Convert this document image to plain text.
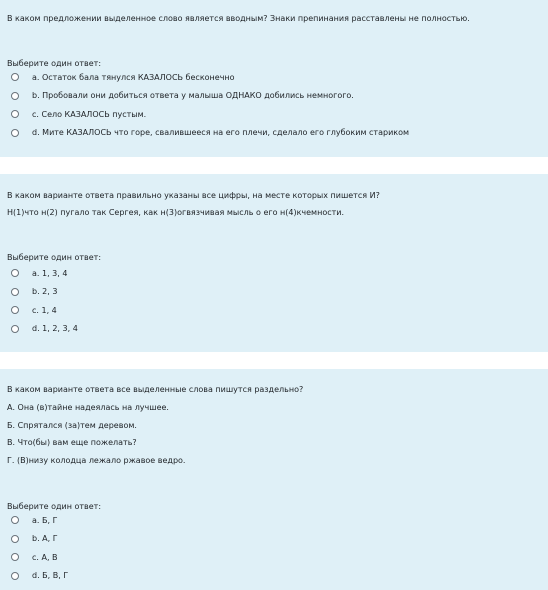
В каком предложении выделенное слово является вводным? Знаки препинания расставлены не полностью.
Выберите один ответ:
a. Остаток бала тянулся КАЗАЛОСЬ бесконечно
b. Пробовали они добиться ответа у малыша ОДНАКО добились немногого.
c. Село КАЗАЛОСЬ пустым.
d. Мите КАЗАЛОСЬ что горе, свалившееся на его плечи, сделало его глубоким стариком
В каком варианте ответа правильно указаны все цифры, на месте которых пишется И?
Н(1)что н(2) пугало так Сергея, как н(3)огвязчивая мысль о его н(4)кчемности.
Выберите один ответ:
a. 1, 3, 4
b. 2, 3
c. 1, 4
d. 1, 2, 3, 4
В каком варианте ответа все выделенные слова пишутся раздельно?
А. Она (в)тайне надеялась на лучшее.
Б. Спрятался (за)тем деревом.
В. Что(бы) вам еще пожелать?
Г. (В)низу колодца лежало ржавое ведро.
Выберите один ответ:
a. Б, Г
b. А, Г
c. А, В
d. Б, В, Г
